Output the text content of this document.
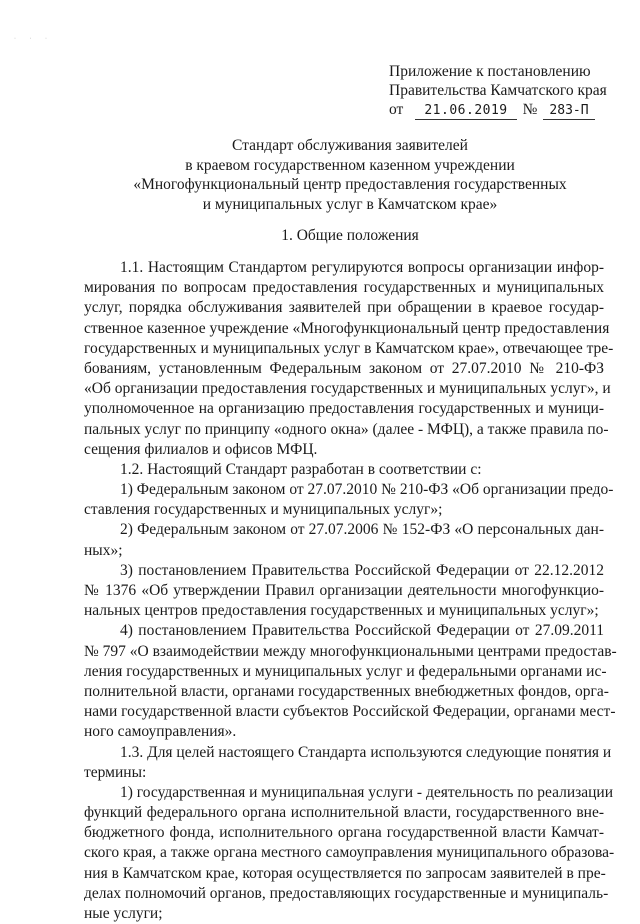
· · ·
Приложение к постановлению
Правительства Камчатского края
от 21.06.2019 № 283-П
Стандарт обслуживания заявителей
в краевом государственном казенном учреждении
«Многофункциональный центр предоставления государственных
и муниципальных услуг в Камчатском крае»
1. Общие положения
1.1. Настоящим Стандартом регулируются вопросы организации инфор-
мирования по вопросам предоставления государственных и муниципальных
услуг, порядка обслуживания заявителей при обращении в краевое государ-
ственное казенное учреждение «Многофункциональный центр предоставления
государственных и муниципальных услуг в Камчатском крае», отвечающее тре-
бованиям, установленным Федеральным законом от 27.07.2010 № 210-ФЗ
«Об организации предоставления государственных и муниципальных услуг», и
уполномоченное на организацию предоставления государственных и муници-
пальных услуг по принципу «одного окна» (далее - МФЦ), а также правила по-
сещения филиалов и офисов МФЦ.
1.2. Настоящий Стандарт разработан в соответствии с:
1) Федеральным законом от 27.07.2010 № 210-ФЗ «Об организации предо-
ставления государственных и муниципальных услуг»;
2) Федеральным законом от 27.07.2006 № 152-ФЗ «О персональных дан-
ных»;
3) постановлением Правительства Российской Федерации от 22.12.2012
№ 1376 «Об утверждении Правил организации деятельности многофункцио-
нальных центров предоставления государственных и муниципальных услуг»;
4) постановлением Правительства Российской Федерации от 27.09.2011
№ 797 «О взаимодействии между многофункциональными центрами предостав-
ления государственных и муниципальных услуг и федеральными органами ис-
полнительной власти, органами государственных внебюджетных фондов, орга-
нами государственной власти субъектов Российской Федерации, органами мест-
ного самоуправления».
1.3. Для целей настоящего Стандарта используются следующие понятия и
термины:
1) государственная и муниципальная услуги - деятельность по реализации
функций федерального органа исполнительной власти, государственного вне-
бюджетного фонда, исполнительного органа государственной власти Камчат-
ского края, а также органа местного самоуправления муниципального образова-
ния в Камчатском крае, которая осуществляется по запросам заявителей в пре-
делах полномочий органов, предоставляющих государственные и муниципаль-
ные услуги;
